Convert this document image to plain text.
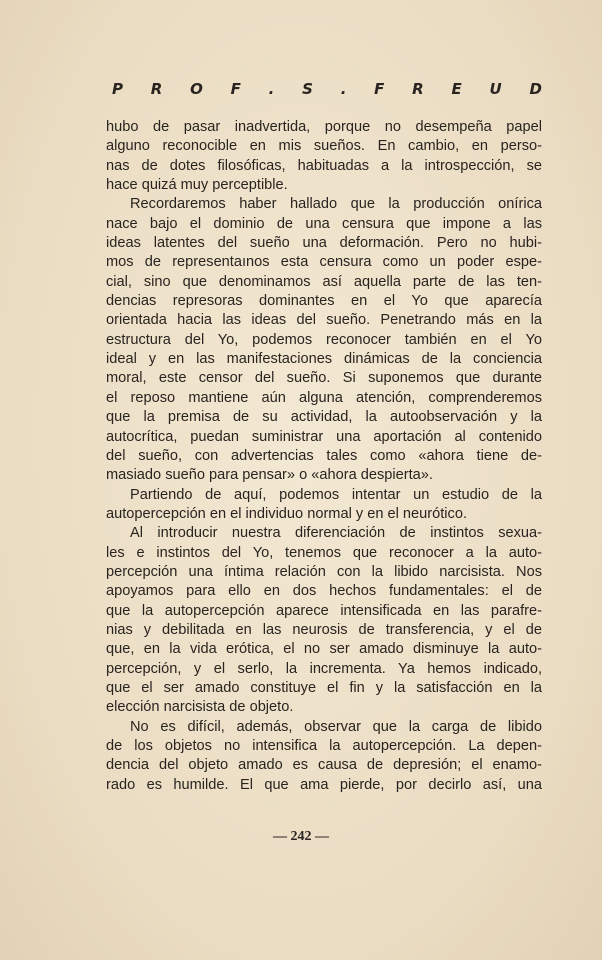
P R O F . S . F R E U D
hubo de pasar inadvertida, porque no desempeña papel
alguno reconocible en mis sueños. En cambio, en perso-
nas de dotes filosóficas, habituadas a la introspección, se
hace quizá muy perceptible.
Recordaremos haber hallado que la producción onírica
nace bajo el dominio de una censura que impone a las
ideas latentes del sueño una deformación. Pero no hubi-
mos de representaınos esta censura como un poder espe-
cial, sino que denominamos así aquella parte de las ten-
dencias represoras dominantes en el Yo que aparecía
orientada hacia las ideas del sueño. Penetrando más en la
estructura del Yo, podemos reconocer también en el Yo
ideal y en las manifestaciones dinámicas de la conciencia
moral, este censor del sueño. Si suponemos que durante
el reposo mantiene aún alguna atención, comprenderemos
que la premisa de su actividad, la autoobservación y la
autocrítica, puedan suministrar una aportación al contenido
del sueño, con advertencias tales como «ahora tiene de-
masiado sueño para pensar» o «ahora despierta».
Partiendo de aquí, podemos intentar un estudio de la
autopercepción en el individuo normal y en el neurótico.
Al introducir nuestra diferenciación de instintos sexua-
les e instintos del Yo, tenemos que reconocer a la auto-
percepción una íntima relación con la libido narcisista. Nos
apoyamos para ello en dos hechos fundamentales: el de
que la autopercepción aparece intensificada en las parafre-
nias y debilitada en las neurosis de transferencia, y el de
que, en la vida erótica, el no ser amado disminuye la auto-
percepción, y el serlo, la incrementa. Ya hemos indicado,
que el ser amado constituye el fin y la satisfacción en la
elección narcisista de objeto.
No es difícil, además, observar que la carga de libido
de los objetos no intensifica la autopercepción. La depen-
dencia del objeto amado es causa de depresión; el enamo-
rado es humilde. El que ama pierde, por decirlo así, una
— 242 —
